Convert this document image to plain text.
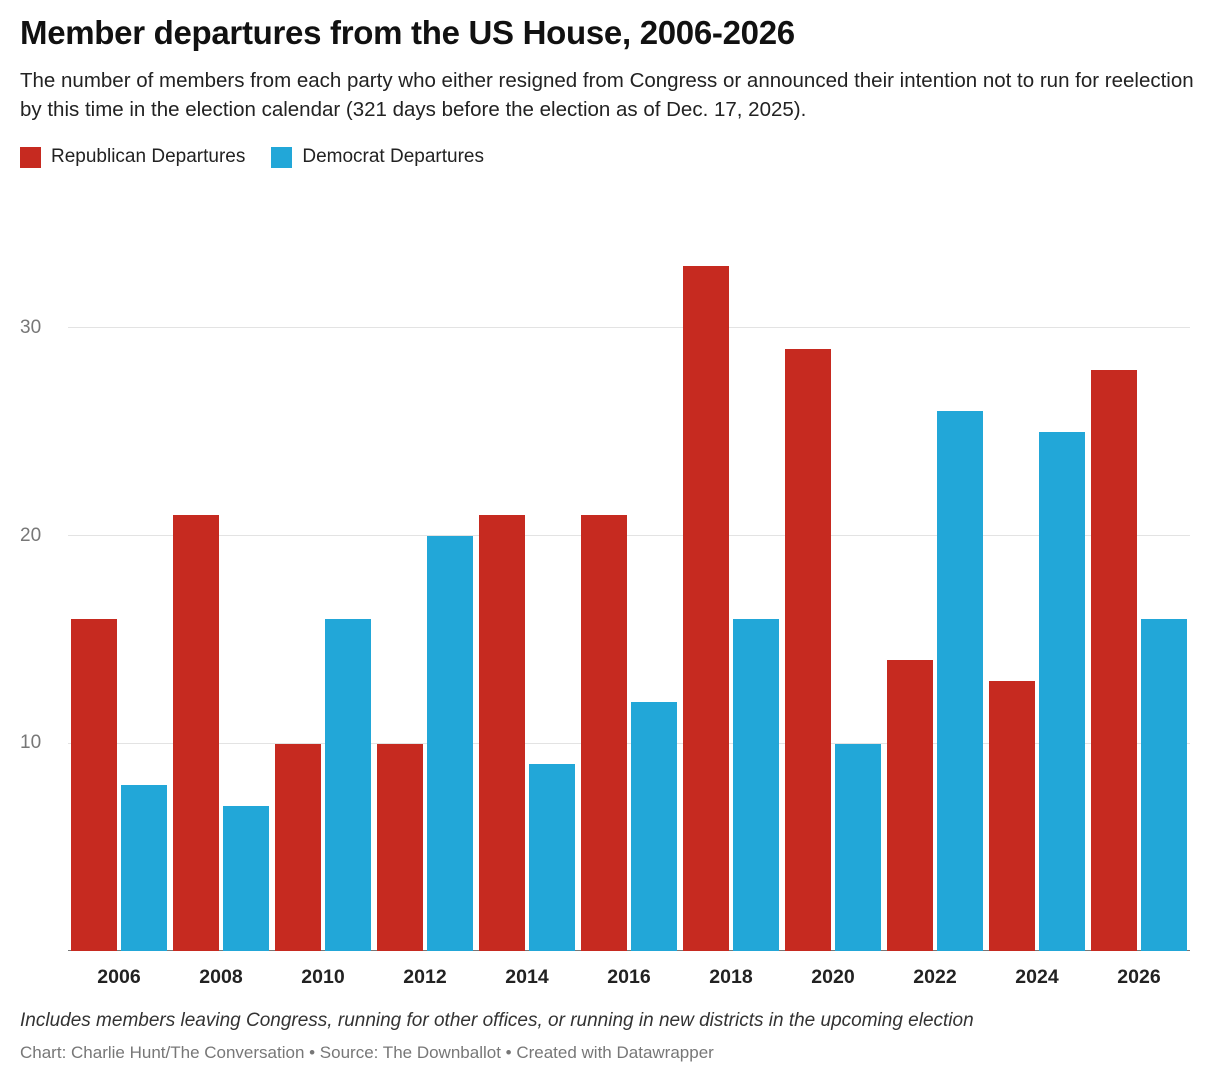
Member departures from the US House, 2006-2026

The number of members from each party who either resigned from Congress or announced their intention not to run for reelection by this time in the election calendar (321 days before the election as of Dec. 17, 2025).

Republican Departures	Democrat Departures
10
20
30
2006	2008	2010	2012	2014	2016	2018	2020	2022	2024	2026

Includes members leaving Congress, running for other offices, or running in new districts in the upcoming election

Chart: Charlie Hunt/The Conversation • Source: The Downballot • Created with Datawrapper
